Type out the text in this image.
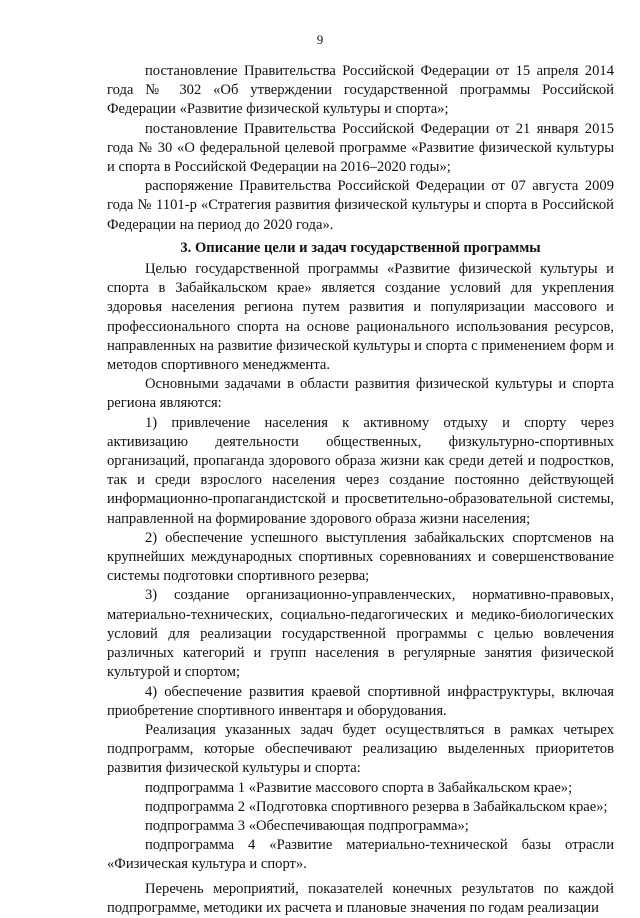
9

постановление Правительства Российской Федерации от 15 апреля 2014 года № 302 «Об утверждении государственной программы Российской Федерации «Развитие физической культуры и спорта»;

постановление Правительства Российской Федерации от 21 января 2015 года № 30 «О федеральной целевой программе «Развитие физической культуры и спорта в Российской Федерации на 2016–2020 годы»;

распоряжение Правительства Российской Федерации от 07 августа 2009 года № 1101-р «Стратегия развития физической культуры и спорта в Российской Федерации на период до 2020 года».

3. Описание цели и задач государственной программы

Целью государственной программы «Развитие физической культуры и спорта в Забайкальском крае» является создание условий для укрепления здоровья населения региона путем развития и популяризации массового и профессионального спорта на основе рационального использования ресурсов, направленных на развитие физической культуры и спорта с применением форм и методов спортивного менеджмента.

Основными задачами в области развития физической культуры и спорта региона являются:

1) привлечение населения к активному отдыху и спорту через активизацию деятельности общественных, физкультурно-спортивных организаций, пропаганда здорового образа жизни как среди детей и подростков, так и среди взрослого населения через создание постоянно действующей информационно-пропагандистской и просветительно-образовательной системы, направленной на формирование здорового образа жизни населения;

2) обеспечение успешного выступления забайкальских спортсменов на крупнейших международных спортивных соревнованиях и совершенствование системы подготовки спортивного резерва;

3) создание организационно-управленческих, нормативно-правовых, материально-технических, социально-педагогических и медико-биологических условий для реализации государственной программы с целью вовлечения различных категорий и групп населения в регулярные занятия физической культурой и спортом;

4) обеспечение развития краевой спортивной инфраструктуры, включая приобретение спортивного инвентаря и оборудования.

Реализация указанных задач будет осуществляться в рамках четырех подпрограмм, которые обеспечивают реализацию выделенных приоритетов развития физической культуры и спорта:

подпрограмма 1 «Развитие массового спорта в Забайкальском крае»;

подпрограмма 2 «Подготовка спортивного резерва в Забайкальском крае»;

подпрограмма 3 «Обеспечивающая подпрограмма»;

подпрограмма 4 «Развитие материально-технической базы отрасли «Физическая культура и спорт».

Перечень мероприятий, показателей конечных результатов по каждой подпрограмме, методики их расчета и плановые значения по годам реализации
